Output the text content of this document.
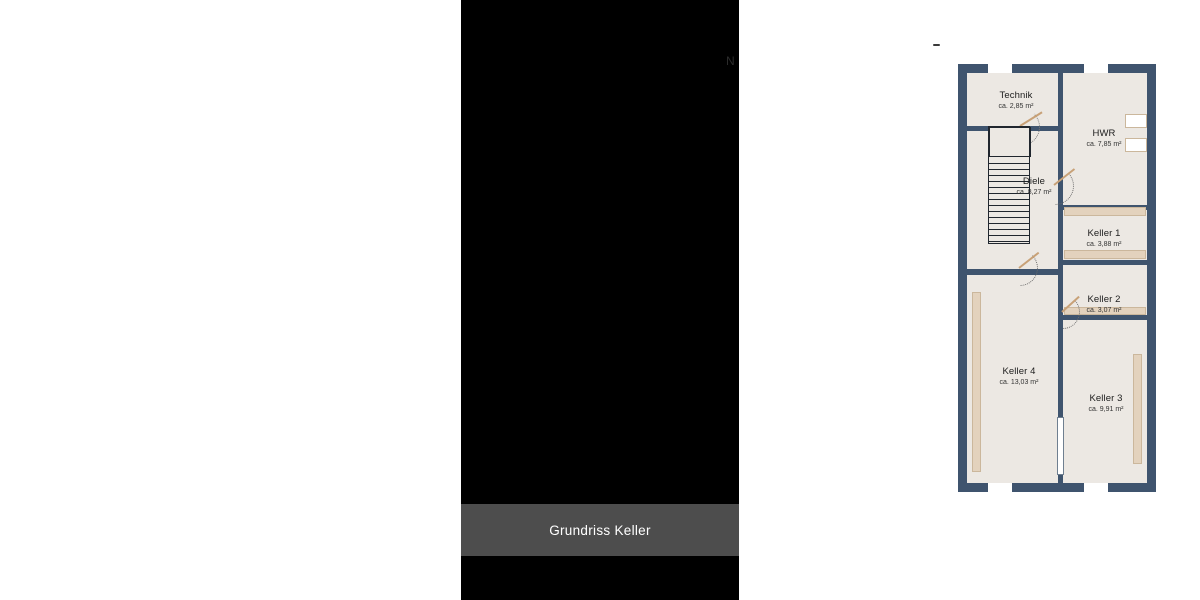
Technik
ca. 2,85 m²
HWR
ca. 7,85 m²
Diele
ca. 8,27 m²
Keller 1
ca. 3,88 m²
Keller 2
ca. 3,07 m²
Keller 3
ca. 9,91 m²
Keller 4
ca. 13,03 m²
Grundriss Keller
N
